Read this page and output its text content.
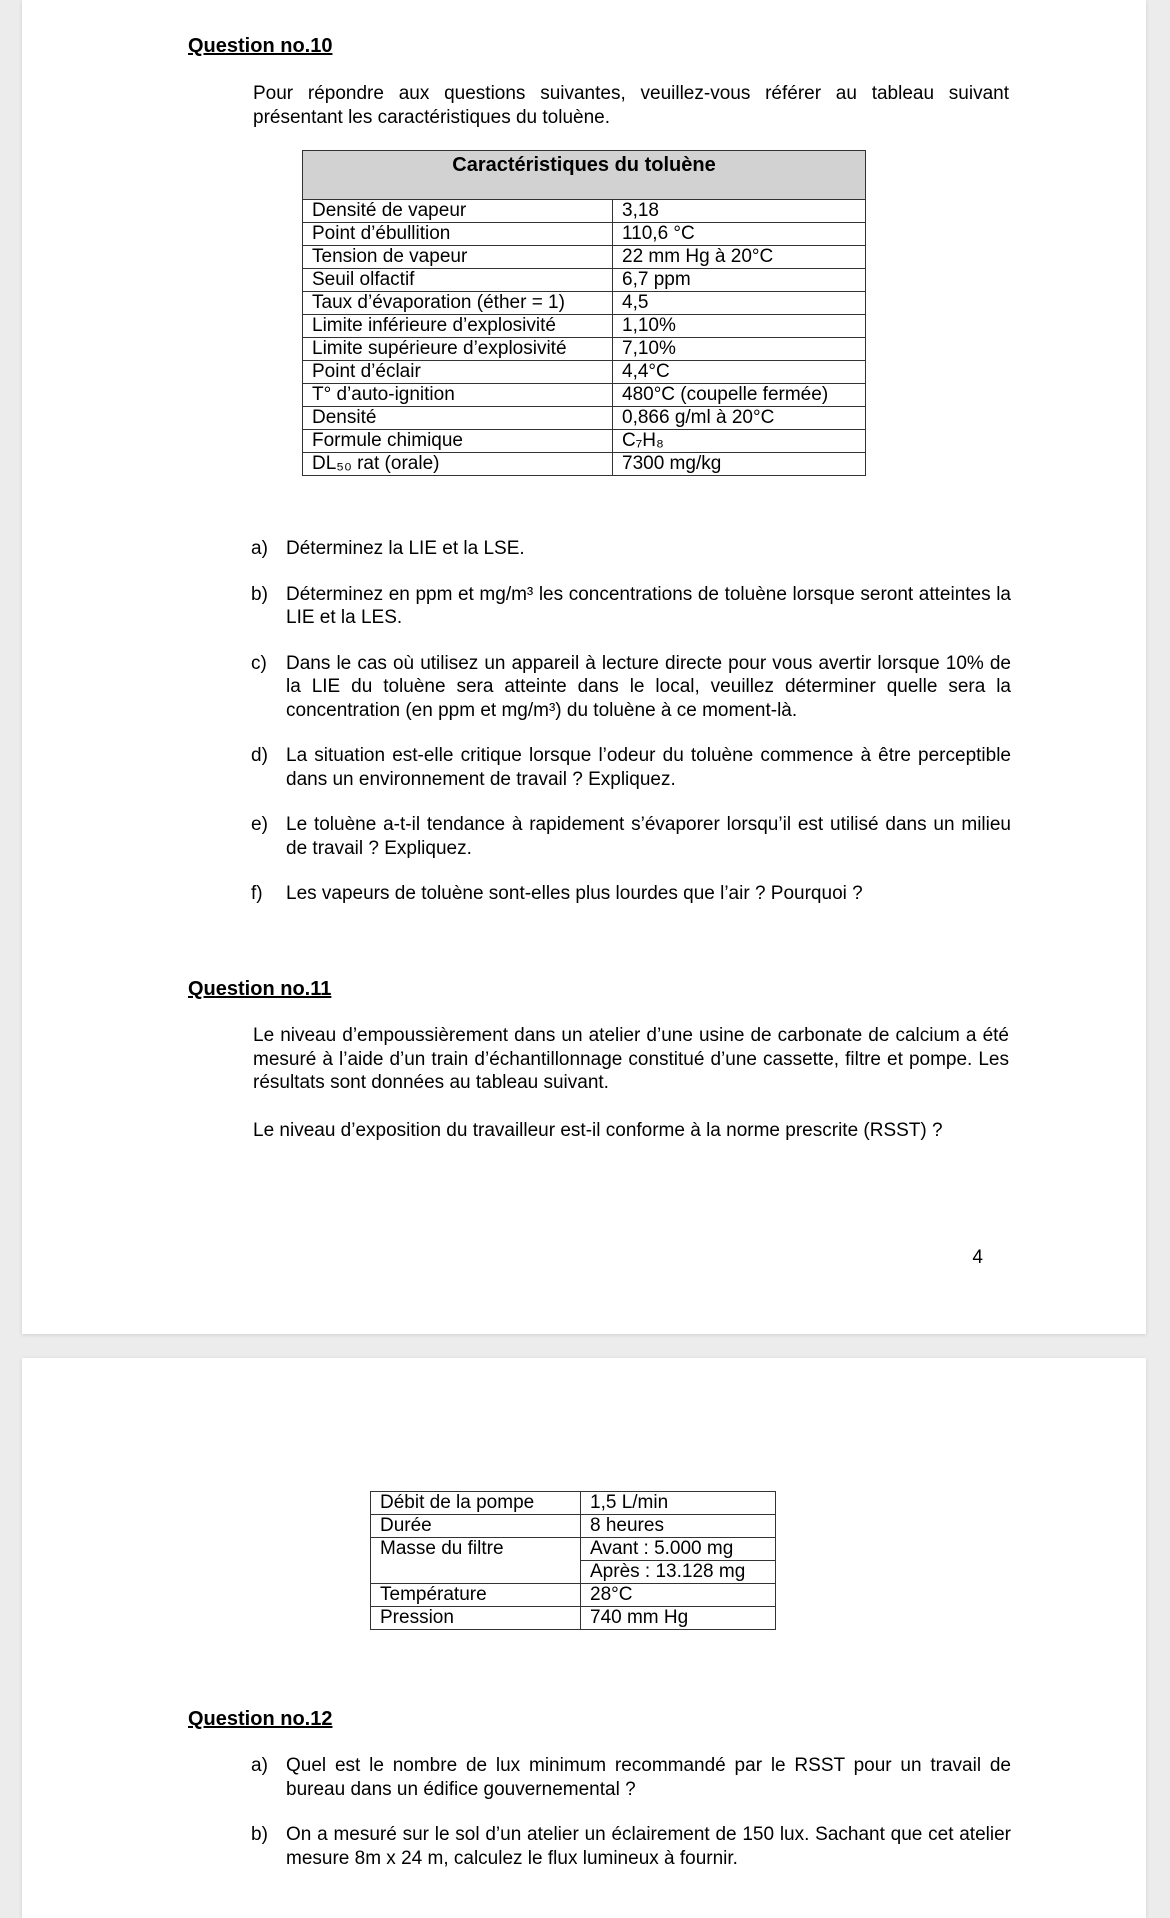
Question no.10
Pour répondre aux questions suivantes, veuillez-vous référer au tableau suivant présentant les caractéristiques du toluène.
Caractéristiques du toluène	
Densité de vapeur	3,18
Point d’ébullition	110,6 °C
Tension de vapeur	22 mm Hg à 20°C
Seuil olfactif	6,7 ppm
Taux d’évaporation (éther = 1)	4,5
Limite inférieure d’explosivité	1,10%
Limite supérieure d’explosivité	7,10%
Point d’éclair	4,4°C
T° d’auto-ignition	480°C (coupelle fermée)
Densité	0,866 g/ml à 20°C
Formule chimique	C₇H₈
DL₅₀ rat (orale)	7300 mg/kg
a) Déterminez la LIE et la LSE.
b) Déterminez en ppm et mg/m³ les concentrations de toluène lorsque seront atteintes la LIE et la LES.
c) Dans le cas où utilisez un appareil à lecture directe pour vous avertir lorsque 10% de la LIE du toluène sera atteinte dans le local, veuillez déterminer quelle sera la concentration (en ppm et mg/m³) du toluène à ce moment-là.
d) La situation est-elle critique lorsque l’odeur du toluène commence à être perceptible dans un environnement de travail ? Expliquez.
e) Le toluène a-t-il tendance à rapidement s’évaporer lorsqu’il est utilisé dans un milieu de travail ? Expliquez.
f) Les vapeurs de toluène sont-elles plus lourdes que l’air ? Pourquoi ?
Question no.11
Le niveau d’empoussièrement dans un atelier d’une usine de carbonate de calcium a été mesuré à l’aide d’un train d’échantillonnage constitué d’une cassette, filtre et pompe. Les résultats sont données au tableau suivant.
Le niveau d’exposition du travailleur est-il conforme à la norme prescrite (RSST) ?
4
Débit de la pompe	1,5 L/min
Durée	8 heures
Masse du filtre	Avant : 5.000 mg
	Après : 13.128 mg
Température	28°C
Pression	740 mm Hg
Question no.12
a) Quel est le nombre de lux minimum recommandé par le RSST pour un travail de bureau dans un édifice gouvernemental ?
b) On a mesuré sur le sol d’un atelier un éclairement de 150 lux. Sachant que cet atelier mesure 8m x 24 m, calculez le flux lumineux à fournir.
